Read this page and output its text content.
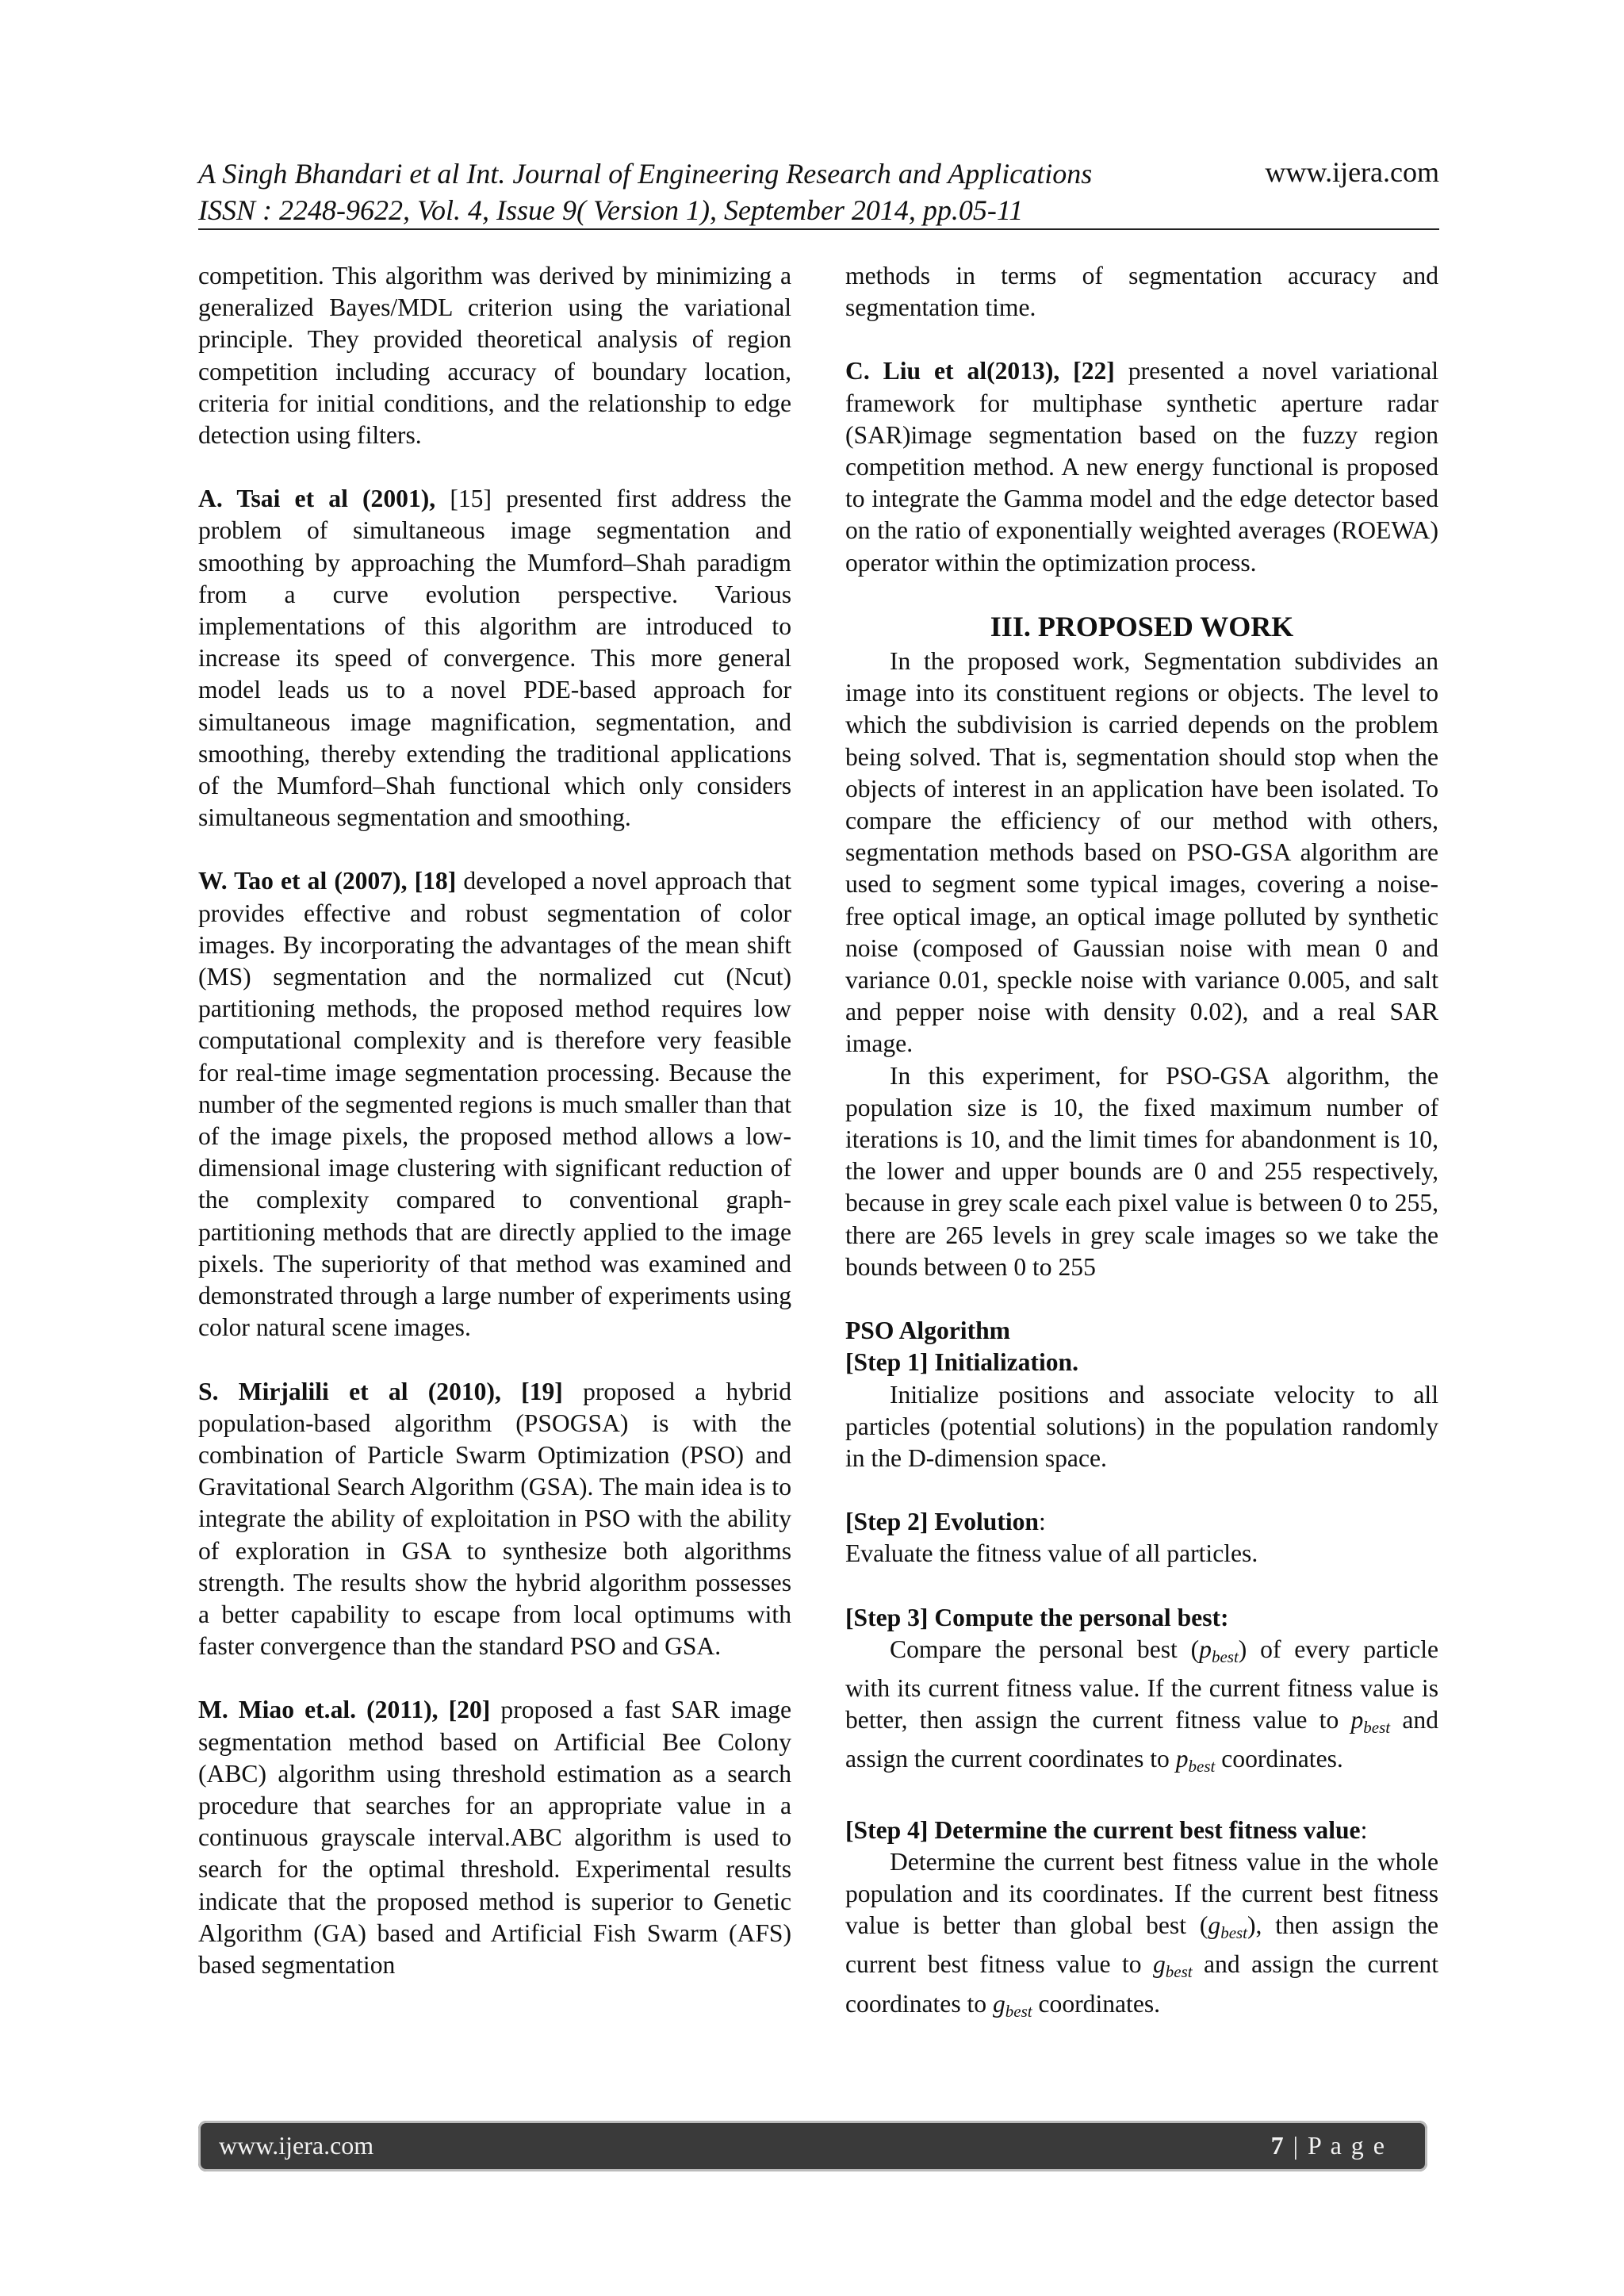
A Singh Bhandari et al Int. Journal of Engineering Research and Applications
ISSN : 2248-9622, Vol. 4, Issue 9( Version 1), September 2014, pp.05-11
www.ijera.com

competition. This algorithm was derived by minimizing a generalized Bayes/MDL criterion using the variational principle. They provided theoretical analysis of region competition including accuracy of boundary location, criteria for initial conditions, and the relationship to edge detection using filters.

A. Tsai et al (2001), [15] presented first address the problem of simultaneous image segmentation and smoothing by approaching the Mumford–Shah paradigm from a curve evolution perspective. Various implementations of this algorithm are introduced to increase its speed of convergence. This more general model leads us to a novel PDE-based approach for simultaneous image magnification, segmentation, and smoothing, thereby extending the traditional applications of the Mumford–Shah functional which only considers simultaneous segmentation and smoothing.

W. Tao et al (2007), [18] developed a novel approach that provides effective and robust segmentation of color images. By incorporating the advantages of the mean shift (MS) segmentation and the normalized cut (Ncut) partitioning methods, the proposed method requires low computational complexity and is therefore very feasible for real-time image segmentation processing. Because the number of the segmented regions is much smaller than that of the image pixels, the proposed method allows a low-dimensional image clustering with significant reduction of the complexity compared to conventional graph-partitioning methods that are directly applied to the image pixels. The superiority of that method was examined and demonstrated through a large number of experiments using color natural scene images.

S. Mirjalili et al (2010), [19] proposed a hybrid population-based algorithm (PSOGSA) is with the combination of Particle Swarm Optimization (PSO) and Gravitational Search Algorithm (GSA). The main idea is to integrate the ability of exploitation in PSO with the ability of exploration in GSA to synthesize both algorithms strength. The results show the hybrid algorithm possesses a better capability to escape from local optimums with faster convergence than the standard PSO and GSA.

M. Miao et.al. (2011), [20] proposed a fast SAR image segmentation method based on Artificial Bee Colony (ABC) algorithm using threshold estimation as a search procedure that searches for an appropriate value in a continuous grayscale interval.ABC algorithm is used to search for the optimal threshold. Experimental results indicate that the proposed method is superior to Genetic Algorithm (GA) based and Artificial Fish Swarm (AFS) based segmentation

methods in terms of segmentation accuracy and segmentation time.

C. Liu et al(2013), [22] presented a novel variational framework for multiphase synthetic aperture radar (SAR)image segmentation based on the fuzzy region competition method. A new energy functional is proposed to integrate the Gamma model and the edge detector based on the ratio of exponentially weighted averages (ROEWA) operator within the optimization process.

III. PROPOSED WORK

In the proposed work, Segmentation subdivides an image into its constituent regions or objects. The level to which the subdivision is carried depends on the problem being solved. That is, segmentation should stop when the objects of interest in an application have been isolated. To compare the efficiency of our method with others, segmentation methods based on PSO-GSA algorithm are used to segment some typical images, covering a noise-free optical image, an optical image polluted by synthetic noise (composed of Gaussian noise with mean 0 and variance 0.01, speckle noise with variance 0.005, and salt and pepper noise with density 0.02), and a real SAR image.

In this experiment, for PSO-GSA algorithm, the population size is 10, the fixed maximum number of iterations is 10, and the limit times for abandonment is 10, the lower and upper bounds are 0 and 255 respectively, because in grey scale each pixel value is between 0 to 255, there are 265 levels in grey scale images so we take the bounds between 0 to 255

PSO Algorithm

[Step 1] Initialization.

Initialize positions and associate velocity to all particles (potential solutions) in the population randomly in the D-dimension space.

[Step 2] Evolution:

Evaluate the fitness value of all particles.

[Step 3] Compute the personal best:

Compare the personal best $(p_{best})$ of every particle with its current fitness value. If the current fitness value is better, then assign the current fitness value to $p_{best}$ and assign the current coordinates to $p_{best}$ coordinates.

[Step 4] Determine the current best fitness value:

Determine the current best fitness value in the whole population and its coordinates. If the current best fitness value is better than global best $(g_{best})$, then assign the current best fitness value to $g_{best}$ and assign the current coordinates to $g_{best}$ coordinates.

www.ijera.com	7 | P a g e
